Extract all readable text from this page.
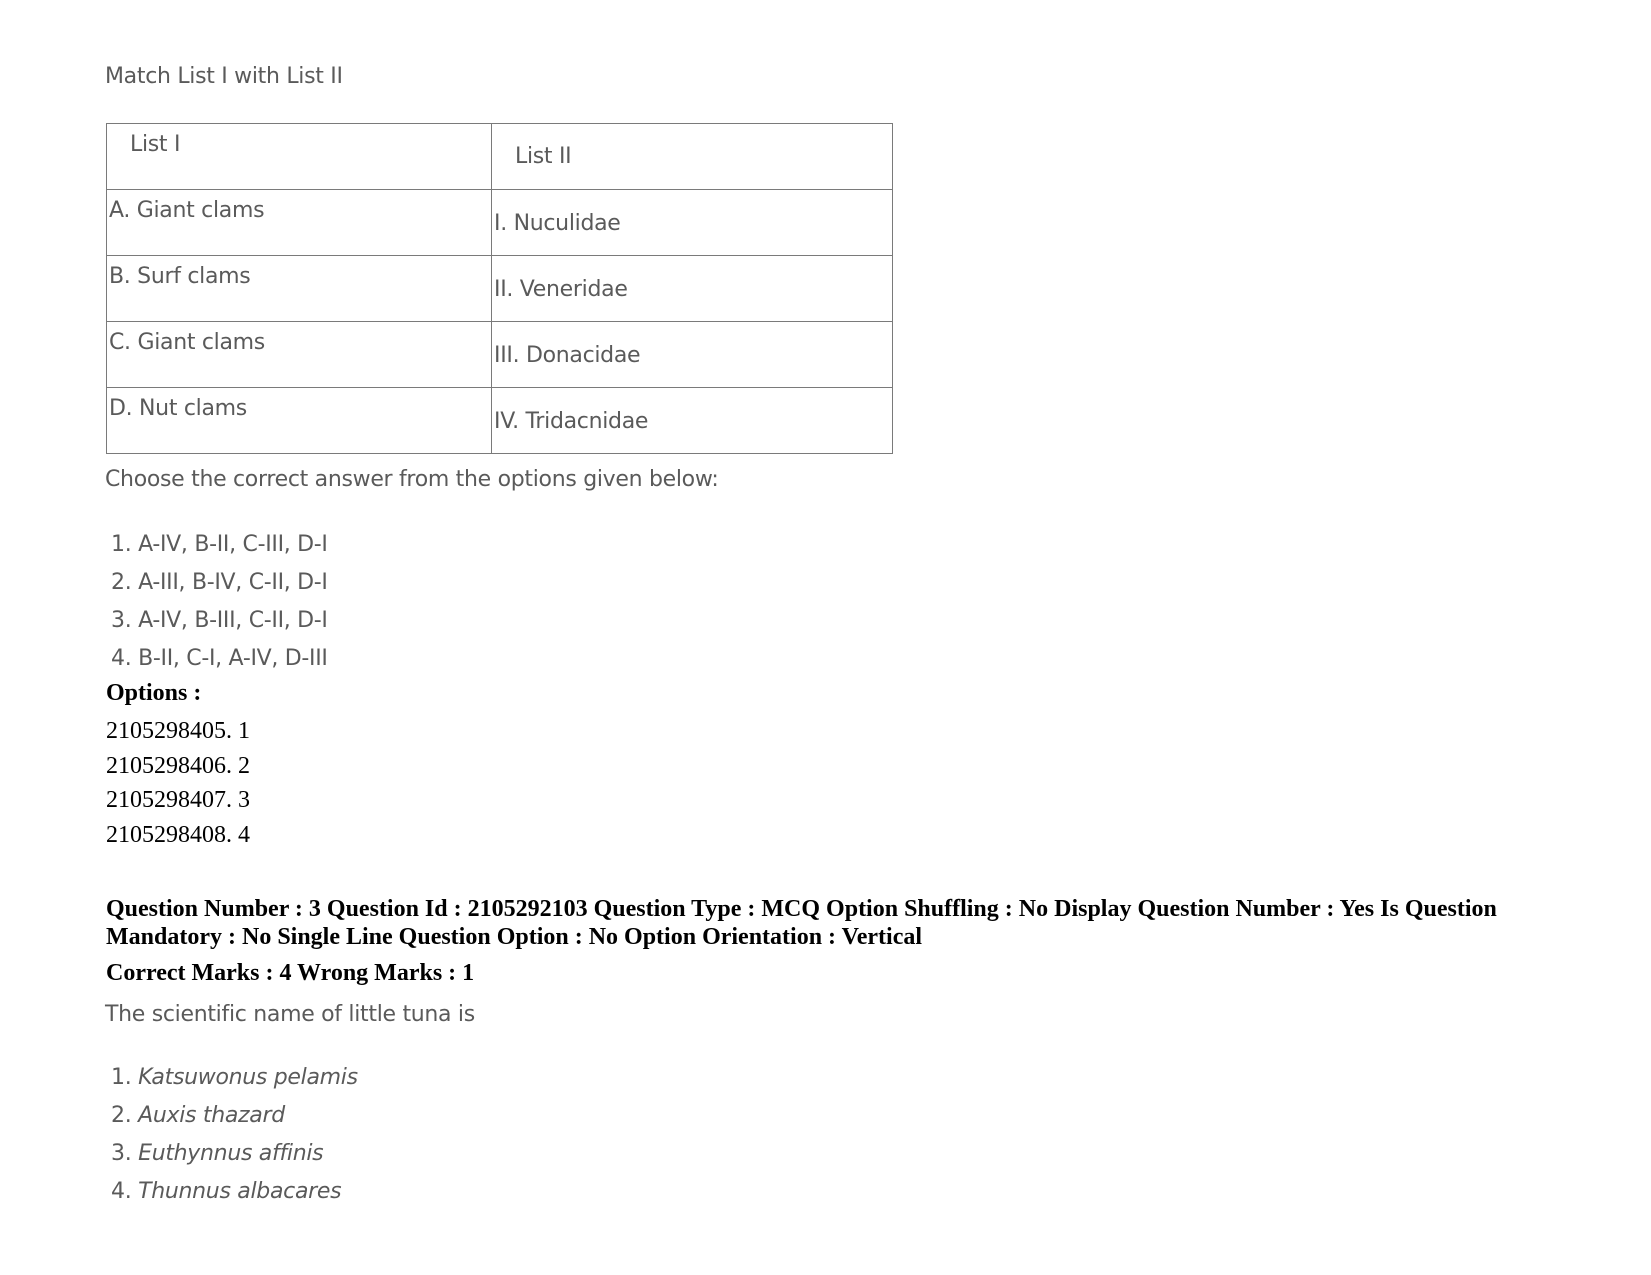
Match List I with List II
List I	List II

A. Giant clams	I. Nuculidae

B. Surf clams	II. Veneridae

C. Giant clams	III. Donacidae

D. Nut clams	IV. Tridacnidae
Choose the correct answer from the options given below:
1. A-IV, B-II, C-III, D-I
2. A-III, B-IV, C-II, D-I
3. A-IV, B-III, C-II, D-I
4. B-II, C-I, A-IV, D-III
Options :
2105298405. 1
2105298406. 2
2105298407. 3
2105298408. 4
Question Number : 3 Question Id : 2105292103 Question Type : MCQ Option Shuffling : No Display Question Number : Yes Is Question Mandatory : No Single Line Question Option : No Option Orientation : Vertical
Correct Marks : 4 Wrong Marks : 1
The scientific name of little tuna is
1. Katsuwonus pelamis
2. Auxis thazard
3. Euthynnus affinis
4. Thunnus albacares
